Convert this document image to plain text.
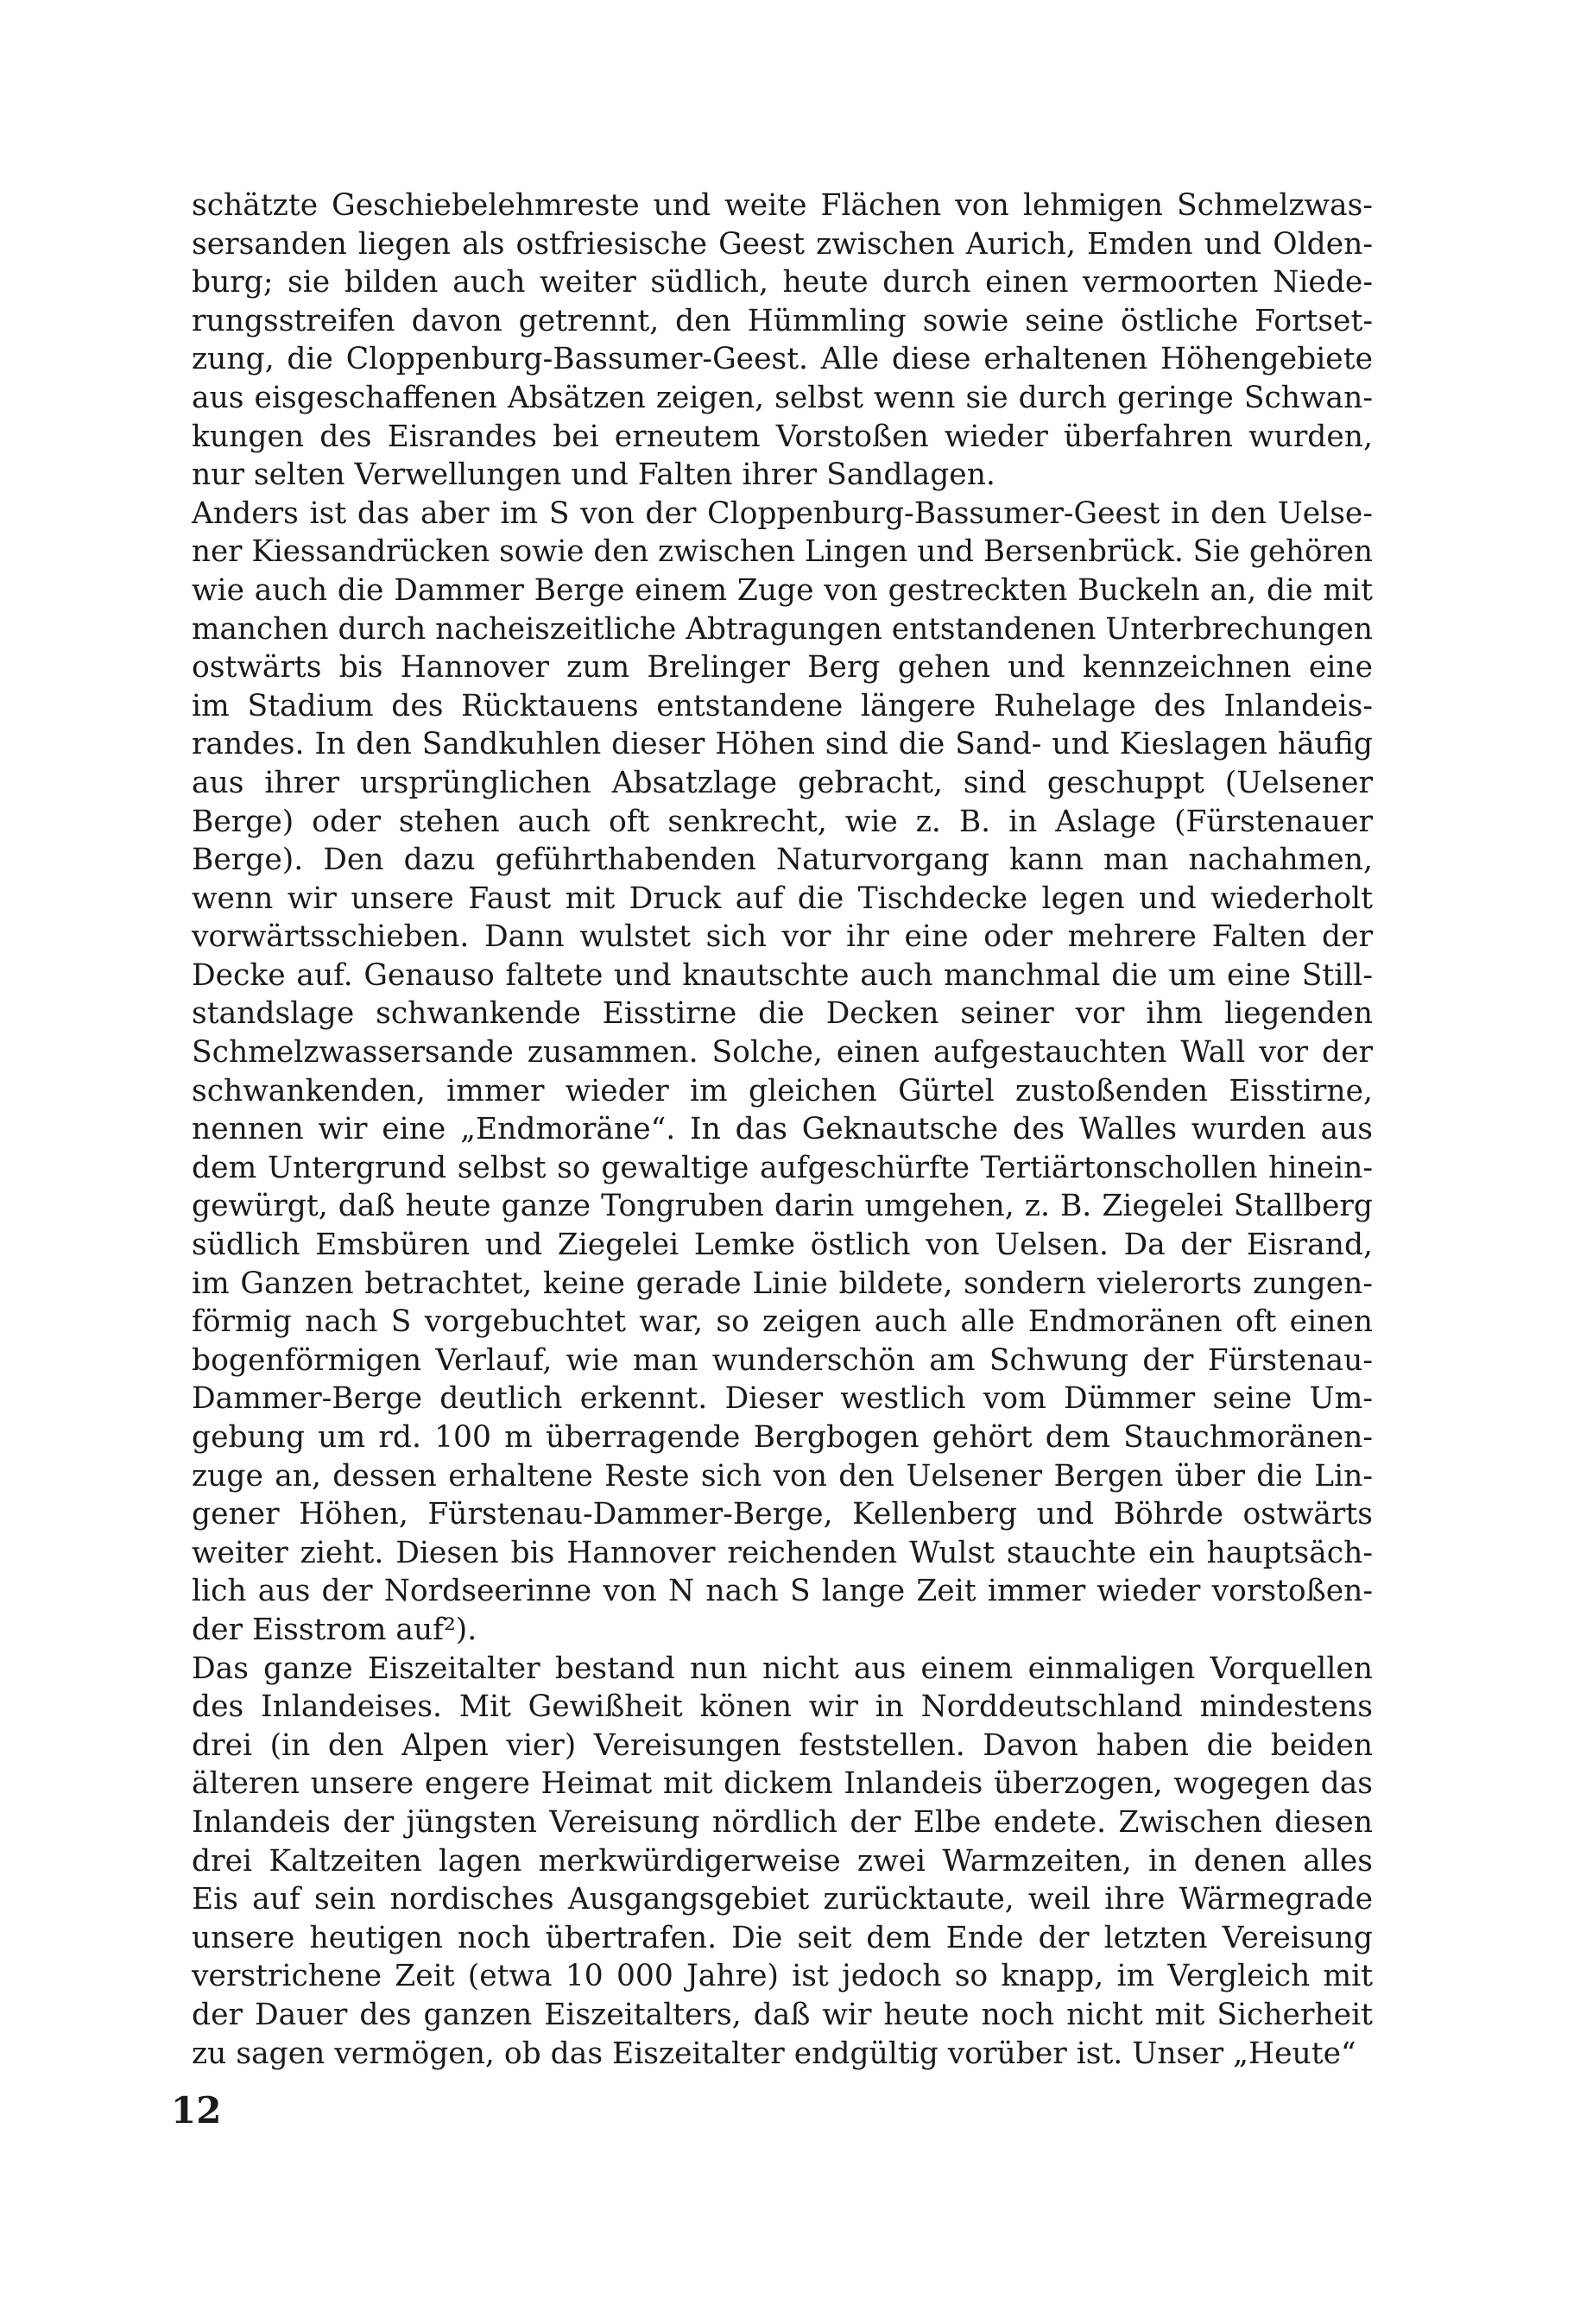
schätzte Geschiebelehmreste und weite Flächen von lehmigen Schmelzwas-
sersanden liegen als ostfriesische Geest zwischen Aurich, Emden und Olden-
burg; sie bilden auch weiter südlich, heute durch einen vermoorten Niede-
rungsstreifen davon getrennt, den Hümmling sowie seine östliche Fortset-
zung, die Cloppenburg-Bassumer-Geest. Alle diese erhaltenen Höhengebiete
aus eisgeschaffenen Absätzen zeigen, selbst wenn sie durch geringe Schwan-
kungen des Eisrandes bei erneutem Vorstoßen wieder überfahren wurden,
nur selten Verwellungen und Falten ihrer Sandlagen.
Anders ist das aber im S von der Cloppenburg-Bassumer-Geest in den Uelse-
ner Kiessandrücken sowie den zwischen Lingen und Bersenbrück. Sie gehören
wie auch die Dammer Berge einem Zuge von gestreckten Buckeln an, die mit
manchen durch nacheiszeitliche Abtragungen entstandenen Unterbrechungen
ostwärts bis Hannover zum Brelinger Berg gehen und kennzeichnen eine
im Stadium des Rücktauens entstandene längere Ruhelage des Inlandeis-
randes. In den Sandkuhlen dieser Höhen sind die Sand- und Kieslagen häufig
aus ihrer ursprünglichen Absatzlage gebracht, sind geschuppt (Uelsener
Berge) oder stehen auch oft senkrecht, wie z. B. in Aslage (Fürstenauer
Berge). Den dazu geführthabenden Naturvorgang kann man nachahmen,
wenn wir unsere Faust mit Druck auf die Tischdecke legen und wiederholt
vorwärtsschieben. Dann wulstet sich vor ihr eine oder mehrere Falten der
Decke auf. Genauso faltete und knautschte auch manchmal die um eine Still-
standslage schwankende Eisstirne die Decken seiner vor ihm liegenden
Schmelzwassersande zusammen. Solche, einen aufgestauchten Wall vor der
schwankenden, immer wieder im gleichen Gürtel zustoßenden Eisstirne,
nennen wir eine „Endmoräne“. In das Geknautsche des Walles wurden aus
dem Untergrund selbst so gewaltige aufgeschürfte Tertiärtonschollen hinein-
gewürgt, daß heute ganze Tongruben darin umgehen, z. B. Ziegelei Stallberg
südlich Emsbüren und Ziegelei Lemke östlich von Uelsen. Da der Eisrand,
im Ganzen betrachtet, keine gerade Linie bildete, sondern vielerorts zungen-
förmig nach S vorgebuchtet war, so zeigen auch alle Endmoränen oft einen
bogenförmigen Verlauf, wie man wunderschön am Schwung der Fürstenau-
Dammer-Berge deutlich erkennt. Dieser westlich vom Dümmer seine Um-
gebung um rd. 100 m überragende Bergbogen gehört dem Stauchmoränen-
zuge an, dessen erhaltene Reste sich von den Uelsener Bergen über die Lin-
gener Höhen, Fürstenau-Dammer-Berge, Kellenberg und Böhrde ostwärts
weiter zieht. Diesen bis Hannover reichenden Wulst stauchte ein hauptsäch-
lich aus der Nordseerinne von N nach S lange Zeit immer wieder vorstoßen-
der Eisstrom auf²).
Das ganze Eiszeitalter bestand nun nicht aus einem einmaligen Vorquellen
des Inlandeises. Mit Gewißheit könen wir in Norddeutschland mindestens
drei (in den Alpen vier) Vereisungen feststellen. Davon haben die beiden
älteren unsere engere Heimat mit dickem Inlandeis überzogen, wogegen das
Inlandeis der jüngsten Vereisung nördlich der Elbe endete. Zwischen diesen
drei Kaltzeiten lagen merkwürdigerweise zwei Warmzeiten, in denen alles
Eis auf sein nordisches Ausgangsgebiet zurücktaute, weil ihre Wärmegrade
unsere heutigen noch übertrafen. Die seit dem Ende der letzten Vereisung
verstrichene Zeit (etwa 10 000 Jahre) ist jedoch so knapp, im Vergleich mit
der Dauer des ganzen Eiszeitalters, daß wir heute noch nicht mit Sicherheit
zu sagen vermögen, ob das Eiszeitalter endgültig vorüber ist. Unser „Heute“
12
